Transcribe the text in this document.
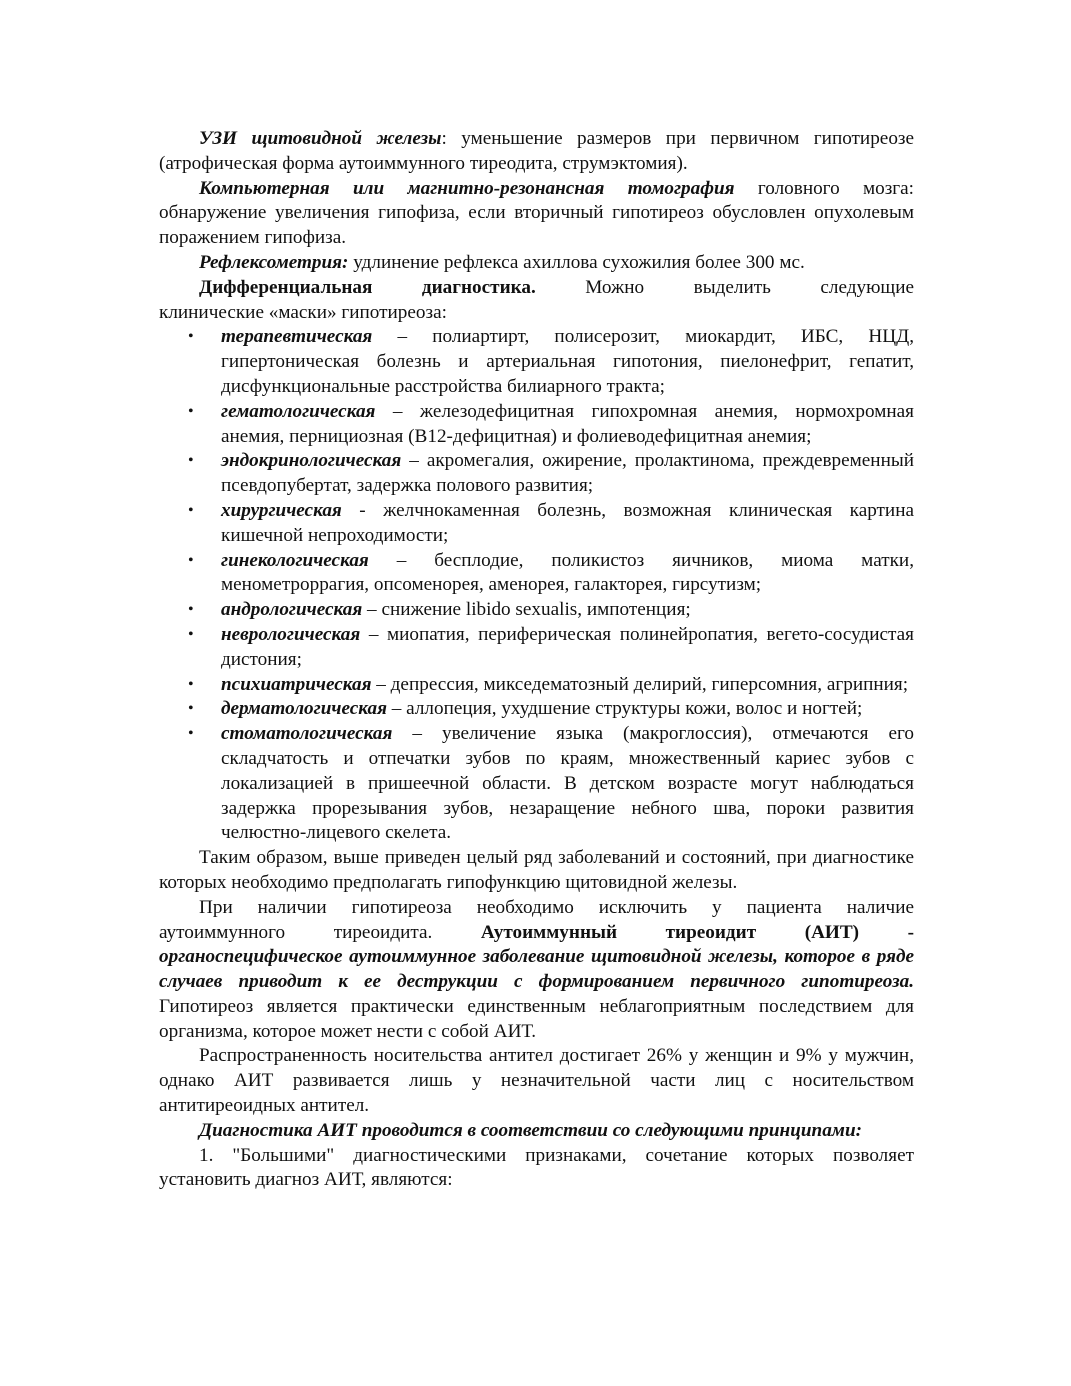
УЗИ щитовидной железы: уменьшение размеров при первичном гипотиреозе (атрофическая форма аутоиммунного тиреодита, струмэктомия).

Компьютерная или магнитно-резонансная томография головного мозга: обнаружение увеличения гипофиза, если вторичный гипотиреоз обусловлен опухолевым поражением гипофиза.

Рефлексометрия: удлинение рефлекса ахиллова сухожилия более 300 мс.

Дифференциальная	диагностика.	Можно	выделить	следующие

клинические «маски» гипотиреоза:

• терапевтическая – полиартирт, полисерозит, миокардит, ИБС, НЦД, гипертоническая болезнь и артериальная гипотония, пиелонефрит, гепатит, дисфункциональные расстройства билиарного тракта;
• гематологическая – железодефицитная гипохромная анемия, нормохромная анемия, пернициозная (В12-дефицитная) и фолиеводефицитная анемия;
• эндокринологическая – акромегалия, ожирение, пролактинома, преждевременный псевдопубертат, задержка полового развития;
• хирургическая - желчнокаменная болезнь, возможная клиническая картина кишечной непроходимости;
• гинекологическая – бесплодие, поликистоз яичников, миома матки, менометроррагия, опсоменорея, аменорея, галакторея, гирсутизм;
• андрологическая – снижение libido sexualis, импотенция;
• неврологическая – миопатия, периферическая полинейропатия, вегето-сосудистая дистония;
• психиатрическая – депрессия, микседематозный делирий, гиперсомния, агрипния;
• дерматологическая – аллопеция, ухудшение структуры кожи, волос и ногтей;
• стоматологическая – увеличение языка (макроглоссия), отмечаются его складчатость и отпечатки зубов по краям, множественный кариес зубов с локализацией в пришеечной области. В детском возрасте могут наблюдаться задержка прорезывания зубов, незаращение небного шва, пороки развития челюстно-лицевого скелета.

Таким образом, выше приведен целый ряд заболеваний и состояний, при диагностике которых необходимо предполагать гипофункцию щитовидной железы.

При наличии гипотиреоза необходимо исключить у пациента наличие
аутоиммунного	тиреоидита.	Аутоиммунный	тиреоидит	(АИТ)	-

органоспецифическое аутоиммунное заболевание щитовидной железы, которое в ряде случаев приводит к ее деструкции с формированием первичного гипотиреоза. Гипотиреоз является практически единственным неблагоприятным последствием для организма, которое может нести с собой АИТ.

Распространенность носительства антител достигает 26% у женщин и 9% у мужчин, однако АИТ развивается лишь у незначительной части лиц с носительством антитиреоидных антител.

Диагностика АИТ проводится в соответствии со следующими принципами:

1. "Большими" диагностическими признаками, сочетание которых позволяет установить диагноз АИТ, являются:
